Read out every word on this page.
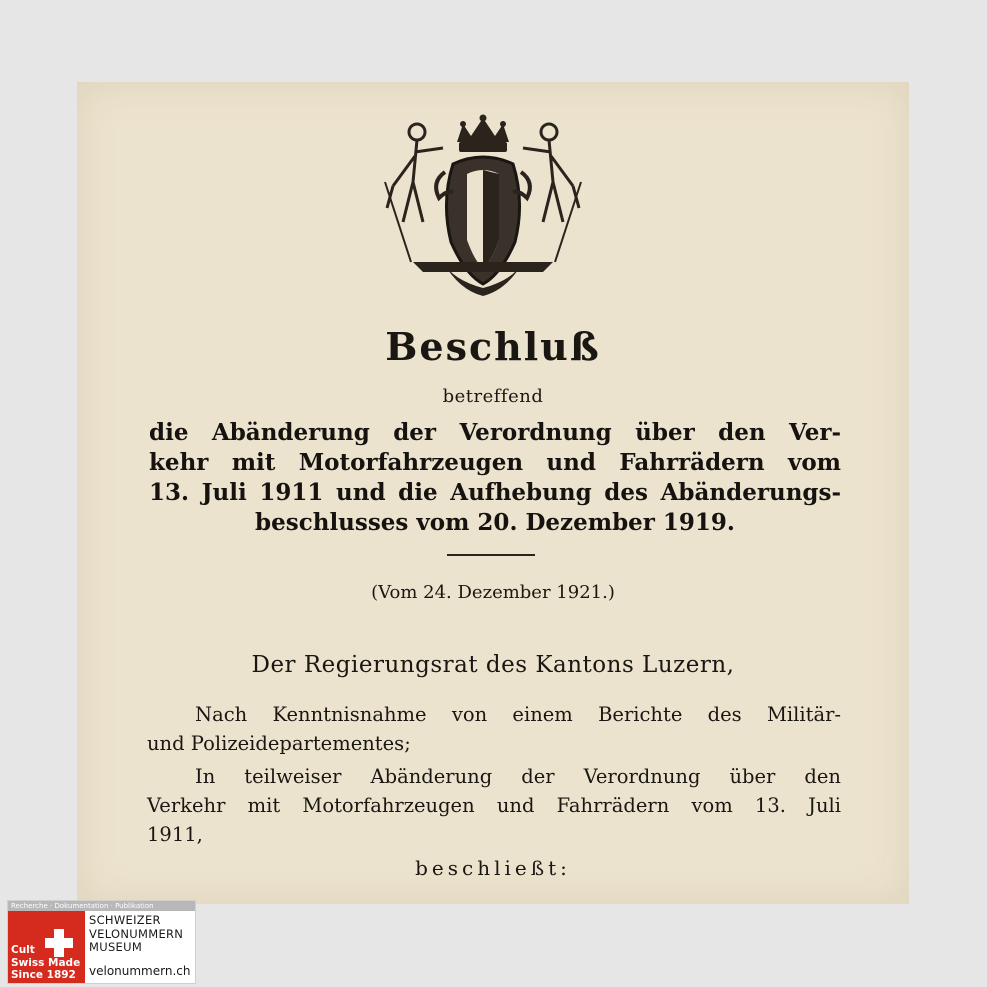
Beschluß
betreffend
die Abänderung der Verordnung über den Ver-
kehr mit Motorfahrzeugen und Fahrrädern vom
13. Juli 1911 und die Aufhebung des Abänderungs-
beschlusses vom 20. Dezember 1919.
(Vom 24. Dezember 1921.)
Der Regierungsrat des Kantons Luzern,
Nach Kenntnisnahme von einem Berichte des Militär-
und Polizeidepartementes;
In teilweiser Abänderung der Verordnung über den
Verkehr mit Motorfahrzeugen und Fahrrädern vom 13. Juli
1911,
beschließt:
Recherche · Dokumentation · Publikation
Cult
Swiss Made
Since 1892
SCHWEIZER
VELONUMMERN
MUSEUM
velonummern.ch
